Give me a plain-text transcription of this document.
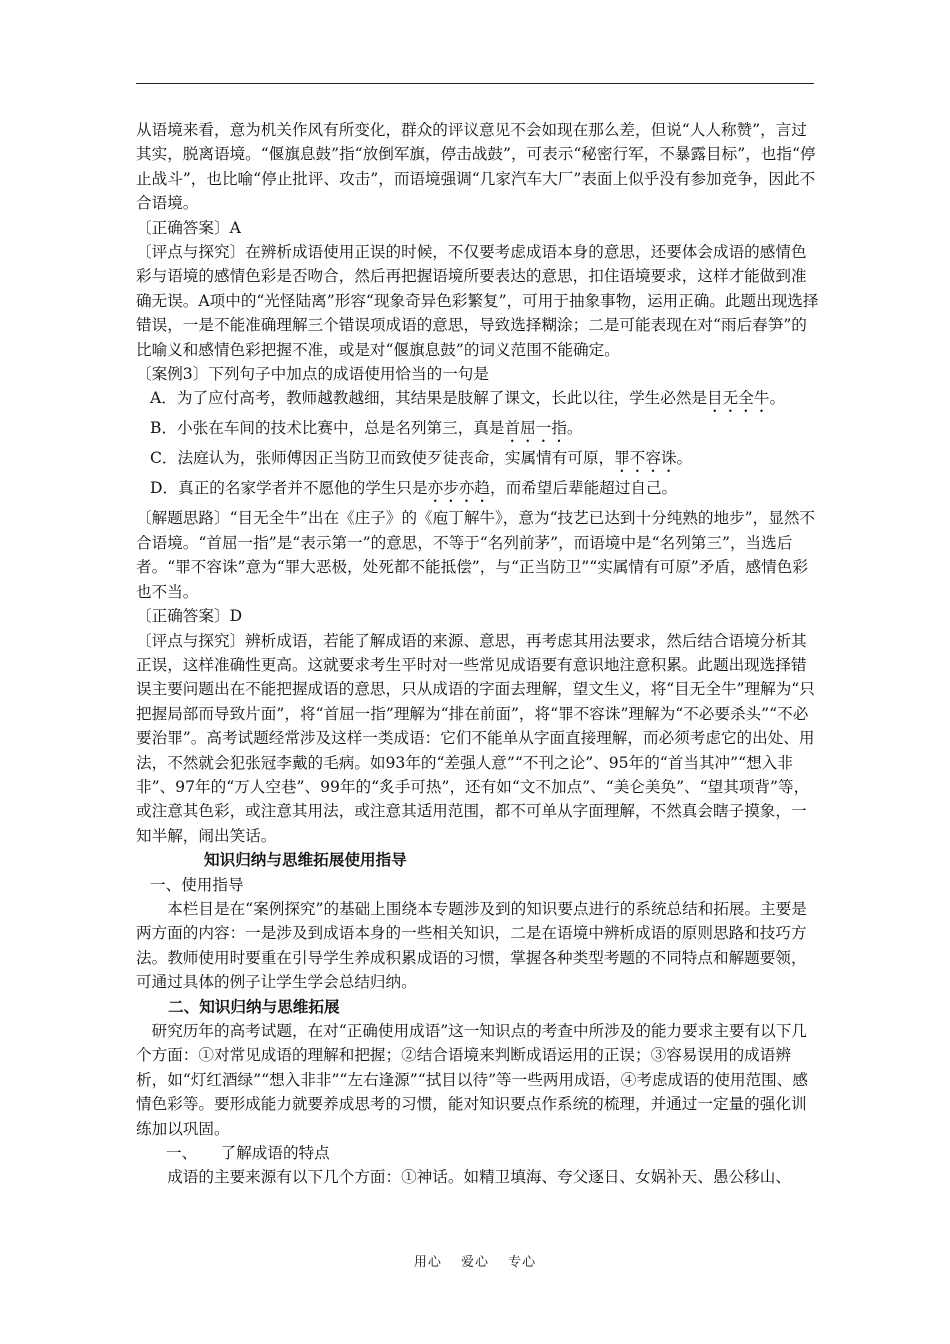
从语境来看，意为机关作风有所变化，群众的评议意见不会如现在那么差，但说“人人称赞”，言过其实，脱离语境。“偃旗息鼓”指“放倒军旗，停击战鼓”，可表示“秘密行军，不暴露目标”，也指“停止战斗”，也比喻“停止批评、攻击”，而语境强调“几家汽车大厂”表面上似乎没有参加竞争，因此不合语境。

〔正确答案〕A

〔评点与探究〕在辨析成语使用正误的时候，不仅要考虑成语本身的意思，还要体会成语的感情色彩与语境的感情色彩是否吻合，然后再把握语境所要表达的意思，扣住语境要求，这样才能做到准确无误。A项中的“光怪陆离”形容“现象奇异色彩繁复”，可用于抽象事物，运用正确。此题出现选择错误，一是不能准确理解三个错误项成语的意思，导致选择糊涂；二是可能表现在对“雨后春笋”的比喻义和感情色彩把握不准，或是对“偃旗息鼓”的词义范围不能确定。

〔案例3〕下列句子中加点的成语使用恰当的一句是

A．为了应付高考，教师越教越细，其结果是肢解了课文，长此以往，学生必然是目无全牛。

B．小张在车间的技术比赛中，总是名列第三，真是首屈一指。

C．法庭认为，张师傅因正当防卫而致使歹徒丧命，实属情有可原，罪不容诛。

D．真正的名家学者并不愿他的学生只是亦步亦趋，而希望后辈能超过自己。

〔解题思路〕“目无全牛”出在《庄子》的《庖丁解牛》，意为“技艺已达到十分纯熟的地步”，显然不合语境。“首屈一指”是“表示第一”的意思，不等于“名列前茅”，而语境中是“名列第三”，当选后者。“罪不容诛”意为“罪大恶极，处死都不能抵偿”，与“正当防卫”“实属情有可原”矛盾，感情色彩也不当。

〔正确答案〕D

〔评点与探究〕辨析成语，若能了解成语的来源、意思，再考虑其用法要求，然后结合语境分析其正误，这样准确性更高。这就要求考生平时对一些常见成语要有意识地注意积累。此题出现选择错误主要问题出在不能把握成语的意思，只从成语的字面去理解，望文生义，将“目无全牛”理解为“只把握局部而导致片面”，将“首屈一指”理解为“排在前面”，将“罪不容诛”理解为“不必要杀头”“不必要治罪”。高考试题经常涉及这样一类成语：它们不能单从字面直接理解，而必须考虑它的出处、用法，不然就会犯张冠李戴的毛病。如93年的“差强人意”“不刊之论”、95年的“首当其冲”“想入非非”、97年的“万人空巷”、99年的“炙手可热”，还有如“文不加点”、“美仑美奂”、“望其项背”等，或注意其色彩，或注意其用法，或注意其适用范围，都不可单从字面理解，不然真会瞎子摸象，一知半解，闹出笑话。

知识归纳与思维拓展使用指导

一、使用指导

本栏目是在“案例探究”的基础上围绕本专题涉及到的知识要点进行的系统总结和拓展。主要是两方面的内容：一是涉及到成语本身的一些相关知识，二是在语境中辨析成语的原则思路和技巧方法。教师使用时要重在引导学生养成积累成语的习惯，掌握各种类型考题的不同特点和解题要领，可通过具体的例子让学生学会总结归纳。

二、知识归纳与思维拓展

研究历年的高考试题，在对“正确使用成语”这一知识点的考查中所涉及的能力要求主要有以下几个方面：①对常见成语的理解和把握；②结合语境来判断成语运用的正误；③容易误用的成语辨析，如“灯红酒绿”“想入非非”“左右逢源”“拭目以待”等一些两用成语，④考虑成语的使用范围、感情色彩等。要形成能力就要养成思考的习惯，能对知识要点作系统的梳理，并通过一定量的强化训练加以巩固。

一、　　了解成语的特点

成语的主要来源有以下几个方面：①神话。如精卫填海、夸父逐日、女娲补天、愚公移山、

用心 爱心 专心
